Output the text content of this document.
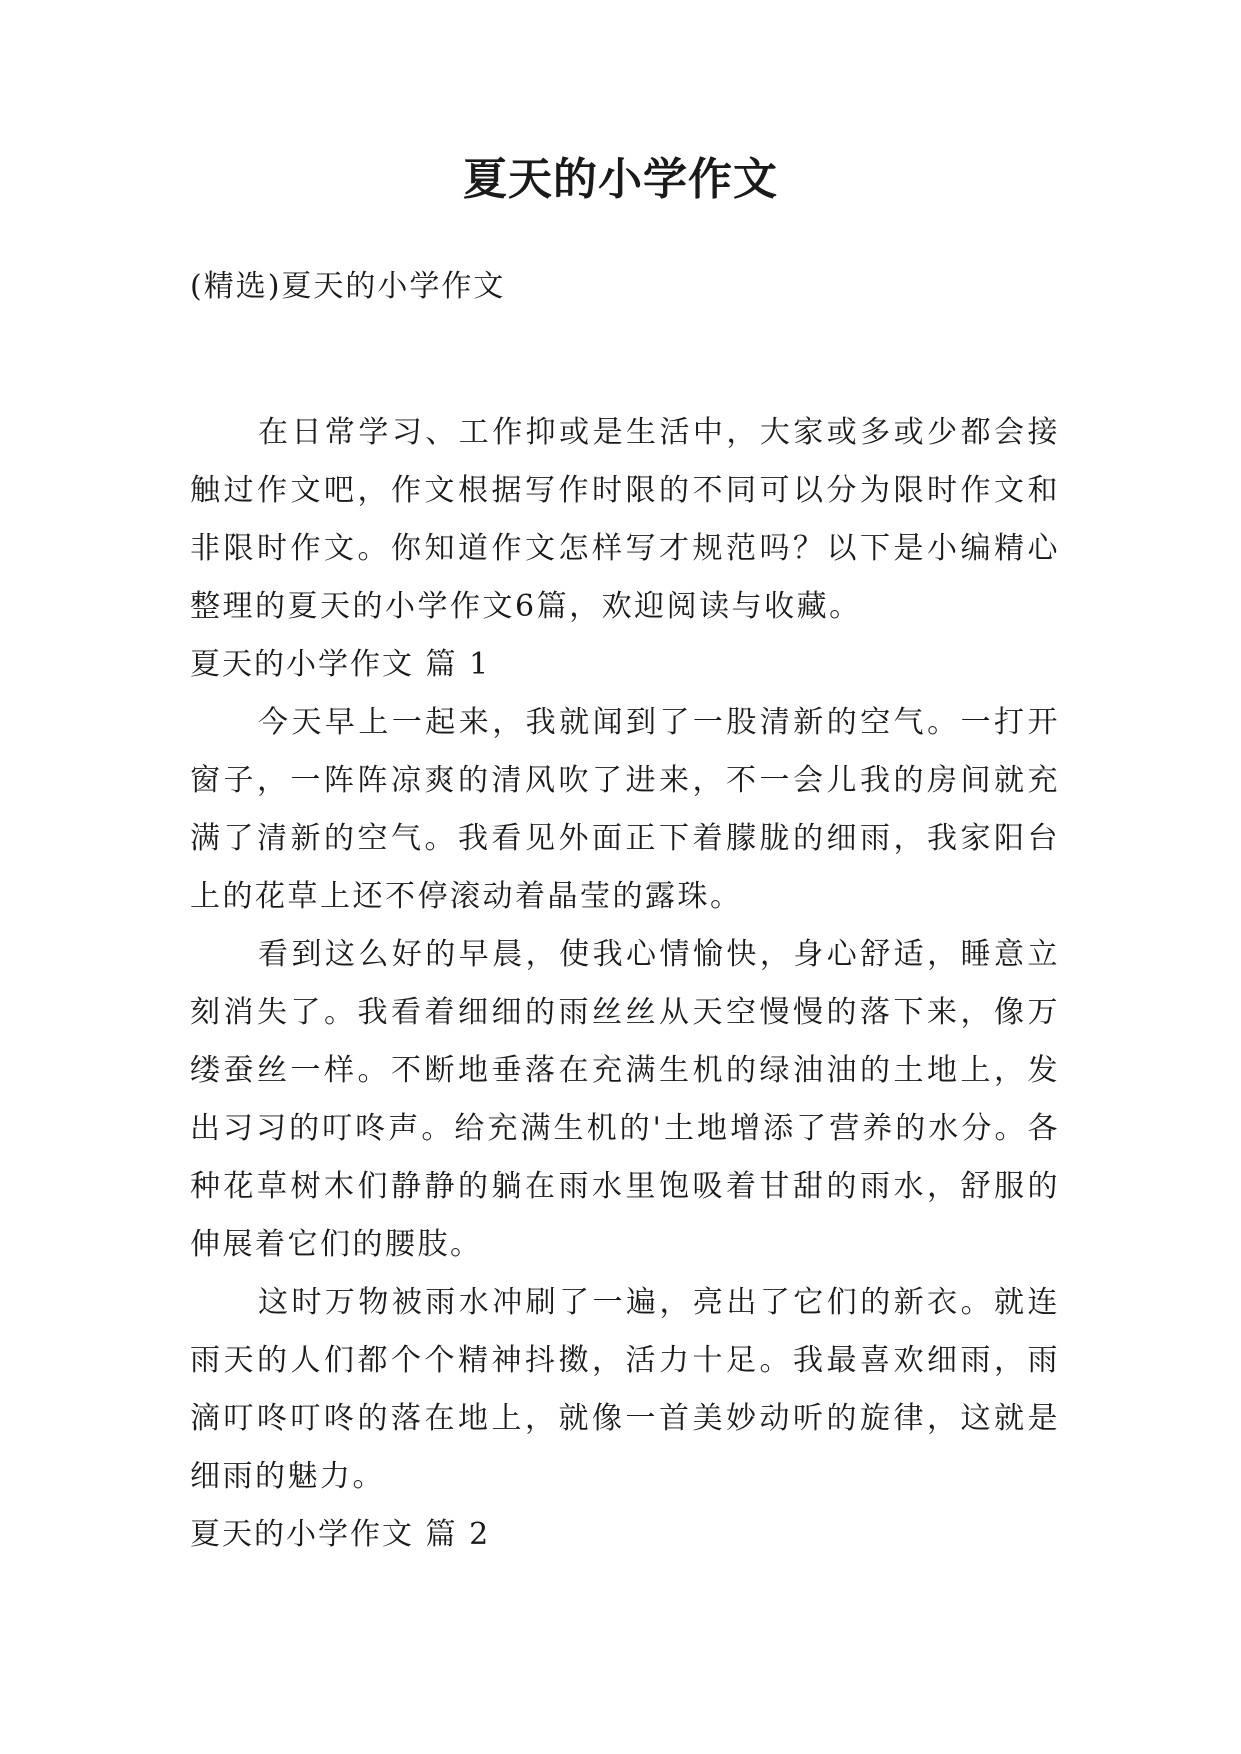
夏天的小学作文
(精选)夏天的小学作文

在日常学习、工作抑或是生活中，大家或多或少都会接触过作文吧，作文根据写作时限的不同可以分为限时作文和非限时作文。你知道作文怎样写才规范吗？以下是小编精心整理的夏天的小学作文6篇，欢迎阅读与收藏。

夏天的小学作文 篇 1

今天早上一起来，我就闻到了一股清新的空气。一打开窗子，一阵阵凉爽的清风吹了进来，不一会儿我的房间就充满了清新的空气。我看见外面正下着朦胧的细雨，我家阳台上的花草上还不停滚动着晶莹的露珠。

看到这么好的早晨，使我心情愉快，身心舒适，睡意立刻消失了。我看着细细的雨丝丝从天空慢慢的落下来，像万缕蚕丝一样。不断地垂落在充满生机的绿油油的土地上，发出习习的叮咚声。给充满生机的'土地增添了营养的水分。各种花草树木们静静的躺在雨水里饱吸着甘甜的雨水，舒服的伸展着它们的腰肢。

这时万物被雨水冲刷了一遍，亮出了它们的新衣。就连雨天的人们都个个精神抖擞，活力十足。我最喜欢细雨，雨滴叮咚叮咚的落在地上，就像一首美妙动听的旋律，这就是细雨的魅力。

夏天的小学作文 篇 2
